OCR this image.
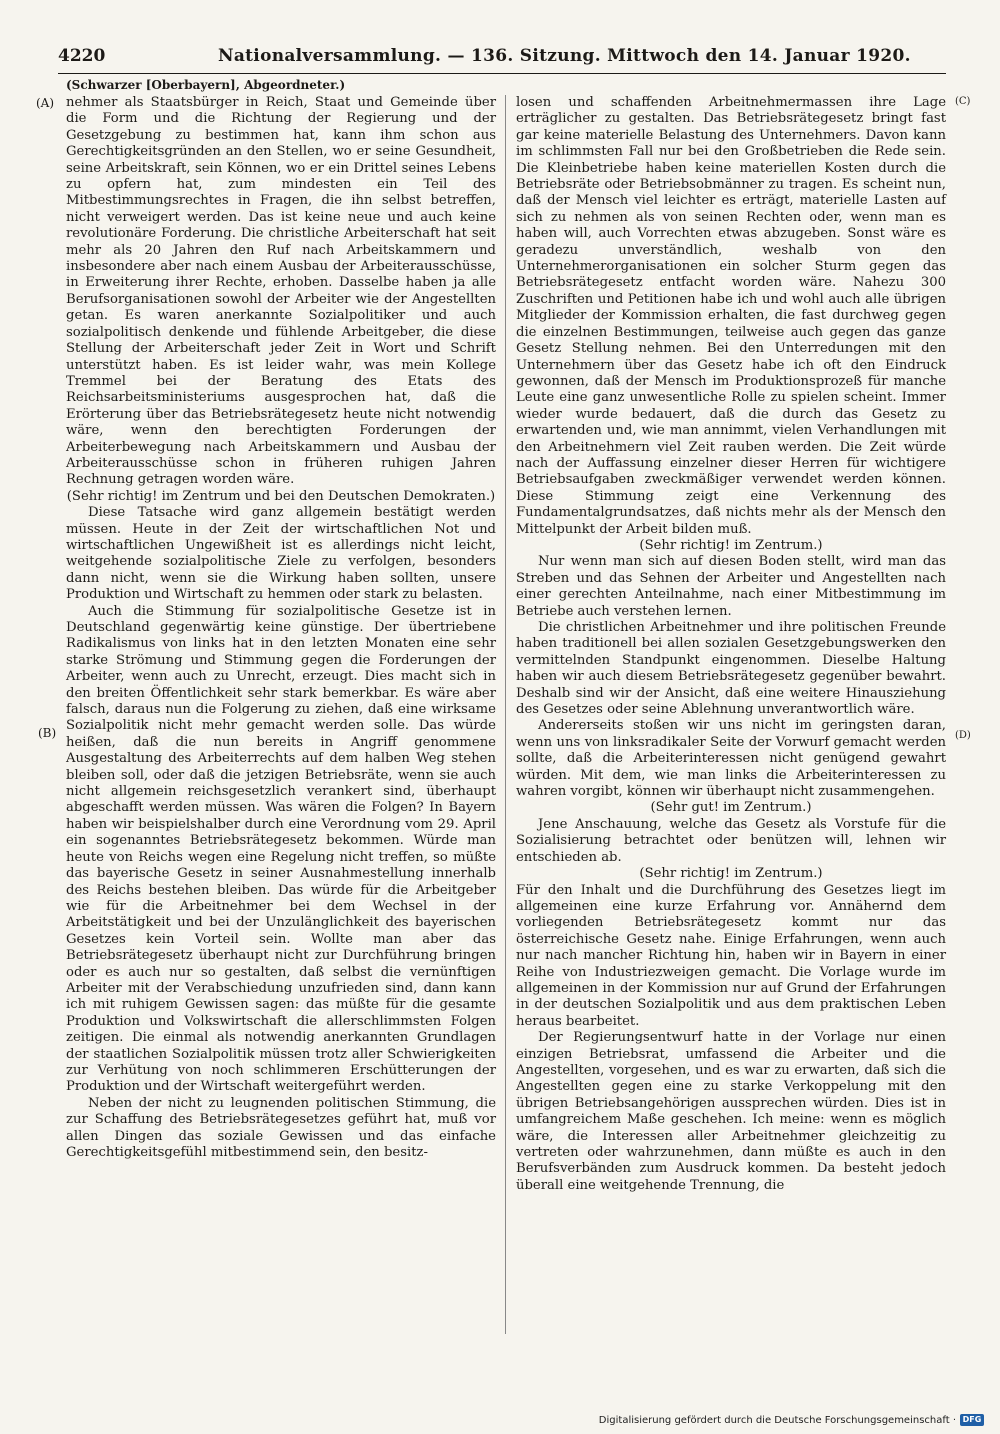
4220	Nationalversammlung. — 136. Sitzung. Mittwoch den 14. Januar 1920.
(Schwarzer [Oberbayern], Abgeordneter.)
(A)
(B)
(C)
(D)

nehmer als Staatsbürger in Reich, Staat und Gemeinde über die Form und die Richtung der Regierung und der Gesetzgebung zu bestimmen hat, kann ihm schon aus Gerechtigkeitsgründen an den Stellen, wo er seine Gesundheit, seine Arbeitskraft, sein Können, wo er ein Drittel seines Lebens zu opfern hat, zum mindesten ein Teil des Mitbestimmungsrechtes in Fragen, die ihn selbst betreffen, nicht verweigert werden. Das ist keine neue und auch keine revolutionäre Forderung. Die christliche Arbeiterschaft hat seit mehr als 20 Jahren den Ruf nach Arbeitskammern und insbesondere aber nach einem Ausbau der Arbeiterausschüsse, in Erweiterung ihrer Rechte, erhoben. Dasselbe haben ja alle Berufsorganisationen sowohl der Arbeiter wie der Angestellten getan. Es waren anerkannte Sozialpolitiker und auch sozialpolitisch denkende und fühlende Arbeitgeber, die diese Stellung der Arbeiterschaft jeder Zeit in Wort und Schrift unterstützt haben. Es ist leider wahr, was mein Kollege Tremmel bei der Beratung des Etats des Reichsarbeitsministeriums ausgesprochen hat, daß die Erörterung über das Betriebsrätegesetz heute nicht notwendig wäre, wenn den berechtigten Forderungen der Arbeiterbewegung nach Arbeitskammern und Ausbau der Arbeiterausschüsse schon in früheren ruhigen Jahren Rechnung getragen worden wäre.

(Sehr richtig! im Zentrum und bei den Deutschen Demokraten.)

Diese Tatsache wird ganz allgemein bestätigt werden müssen. Heute in der Zeit der wirtschaftlichen Not und wirtschaftlichen Ungewißheit ist es allerdings nicht leicht, weitgehende sozialpolitische Ziele zu verfolgen, besonders dann nicht, wenn sie die Wirkung haben sollten, unsere Produktion und Wirtschaft zu hemmen oder stark zu belasten.

Auch die Stimmung für sozialpolitische Gesetze ist in Deutschland gegenwärtig keine günstige. Der übertriebene Radikalismus von links hat in den letzten Monaten eine sehr starke Strömung und Stimmung gegen die Forderungen der Arbeiter, wenn auch zu Unrecht, erzeugt. Dies macht sich in den breiten Öffentlichkeit sehr stark bemerkbar. Es wäre aber falsch, daraus nun die Folgerung zu ziehen, daß eine wirksame Sozialpolitik nicht mehr gemacht werden solle. Das würde heißen, daß die nun bereits in Angriff genommene Ausgestaltung des Arbeiterrechts auf dem halben Weg stehen bleiben soll, oder daß die jetzigen Betriebsräte, wenn sie auch nicht allgemein reichsgesetzlich verankert sind, überhaupt abgeschafft werden müssen. Was wären die Folgen? In Bayern haben wir beispielshalber durch eine Verordnung vom 29. April ein sogenanntes Betriebsrätegesetz bekommen. Würde man heute von Reichs wegen eine Regelung nicht treffen, so müßte das bayerische Gesetz in seiner Ausnahmestellung innerhalb des Reichs bestehen bleiben. Das würde für die Arbeitgeber wie für die Arbeitnehmer bei dem Wechsel in der Arbeitstätigkeit und bei der Unzulänglichkeit des bayerischen Gesetzes kein Vorteil sein. Wollte man aber das Betriebsrätegesetz überhaupt nicht zur Durchführung bringen oder es auch nur so gestalten, daß selbst die vernünftigen Arbeiter mit der Verabschiedung unzufrieden sind, dann kann ich mit ruhigem Gewissen sagen: das müßte für die gesamte Produktion und Volkswirtschaft die allerschlimmsten Folgen zeitigen. Die einmal als notwendig anerkannten Grundlagen der staatlichen Sozialpolitik müssen trotz aller Schwierigkeiten zur Verhütung von noch schlimmeren Erschütterungen der Produktion und der Wirtschaft weitergeführt werden.

Neben der nicht zu leugnenden politischen Stimmung, die zur Schaffung des Betriebsrätegesetzes geführt hat, muß vor allen Dingen das soziale Gewissen und das einfache Gerechtigkeitsgefühl mitbestimmend sein, den besitz-

losen und schaffenden Arbeitnehmermassen ihre Lage erträglicher zu gestalten. Das Betriebsrätegesetz bringt fast gar keine materielle Belastung des Unternehmers. Davon kann im schlimmsten Fall nur bei den Großbetrieben die Rede sein. Die Kleinbetriebe haben keine materiellen Kosten durch die Betriebsräte oder Betriebsobmänner zu tragen. Es scheint nun, daß der Mensch viel leichter es erträgt, materielle Lasten auf sich zu nehmen als von seinen Rechten oder, wenn man es haben will, auch Vorrechten etwas abzugeben. Sonst wäre es geradezu unverständlich, weshalb von den Unternehmerorganisationen ein solcher Sturm gegen das Betriebsrätegesetz entfacht worden wäre. Nahezu 300 Zuschriften und Petitionen habe ich und wohl auch alle übrigen Mitglieder der Kommission erhalten, die fast durchweg gegen die einzelnen Bestimmungen, teilweise auch gegen das ganze Gesetz Stellung nehmen. Bei den Unterredungen mit den Unternehmern über das Gesetz habe ich oft den Eindruck gewonnen, daß der Mensch im Produktionsprozeß für manche Leute eine ganz unwesentliche Rolle zu spielen scheint. Immer wieder wurde bedauert, daß die durch das Gesetz zu erwartenden und, wie man annimmt, vielen Verhandlungen mit den Arbeitnehmern viel Zeit rauben werden. Die Zeit würde nach der Auffassung einzelner dieser Herren für wichtigere Betriebsaufgaben zweckmäßiger verwendet werden können. Diese Stimmung zeigt eine Verkennung des Fundamentalgrundsatzes, daß nichts mehr als der Mensch den Mittelpunkt der Arbeit bilden muß.

(Sehr richtig! im Zentrum.)

Nur wenn man sich auf diesen Boden stellt, wird man das Streben und das Sehnen der Arbeiter und Angestellten nach einer gerechten Anteilnahme, nach einer Mitbestimmung im Betriebe auch verstehen lernen.

Die christlichen Arbeitnehmer und ihre politischen Freunde haben traditionell bei allen sozialen Gesetzgebungswerken den vermittelnden Standpunkt eingenommen. Dieselbe Haltung haben wir auch diesem Betriebsrätegesetz gegenüber bewahrt. Deshalb sind wir der Ansicht, daß eine weitere Hinausziehung des Gesetzes oder seine Ablehnung unverantwortlich wäre.

Andererseits stoßen wir uns nicht im geringsten daran, wenn uns von linksradikaler Seite der Vorwurf gemacht werden sollte, daß die Arbeiterinteressen nicht genügend gewahrt würden. Mit dem, wie man links die Arbeiterinteressen zu wahren vorgibt, können wir überhaupt nicht zusammengehen.

(Sehr gut! im Zentrum.)

Jene Anschauung, welche das Gesetz als Vorstufe für die Sozialisierung betrachtet oder benützen will, lehnen wir entschieden ab.

(Sehr richtig! im Zentrum.)

Für den Inhalt und die Durchführung des Gesetzes liegt im allgemeinen eine kurze Erfahrung vor. Annähernd dem vorliegenden Betriebsrätegesetz kommt nur das österreichische Gesetz nahe. Einige Erfahrungen, wenn auch nur nach mancher Richtung hin, haben wir in Bayern in einer Reihe von Industriezweigen gemacht. Die Vorlage wurde im allgemeinen in der Kommission nur auf Grund der Erfahrungen in der deutschen Sozialpolitik und aus dem praktischen Leben heraus bearbeitet.

Der Regierungsentwurf hatte in der Vorlage nur einen einzigen Betriebsrat, umfassend die Arbeiter und die Angestellten, vorgesehen, und es war zu erwarten, daß sich die Angestellten gegen eine zu starke Verkoppelung mit den übrigen Betriebsangehörigen aussprechen würden. Dies ist in umfangreichem Maße geschehen. Ich meine: wenn es möglich wäre, die Interessen aller Arbeitnehmer gleichzeitig zu vertreten oder wahrzunehmen, dann müßte es auch in den Berufsverbänden zum Ausdruck kommen. Da besteht jedoch überall eine weitgehende Trennung, die

Digitalisierung gefördert durch die Deutsche Forschungsgemeinschaft · DFG
